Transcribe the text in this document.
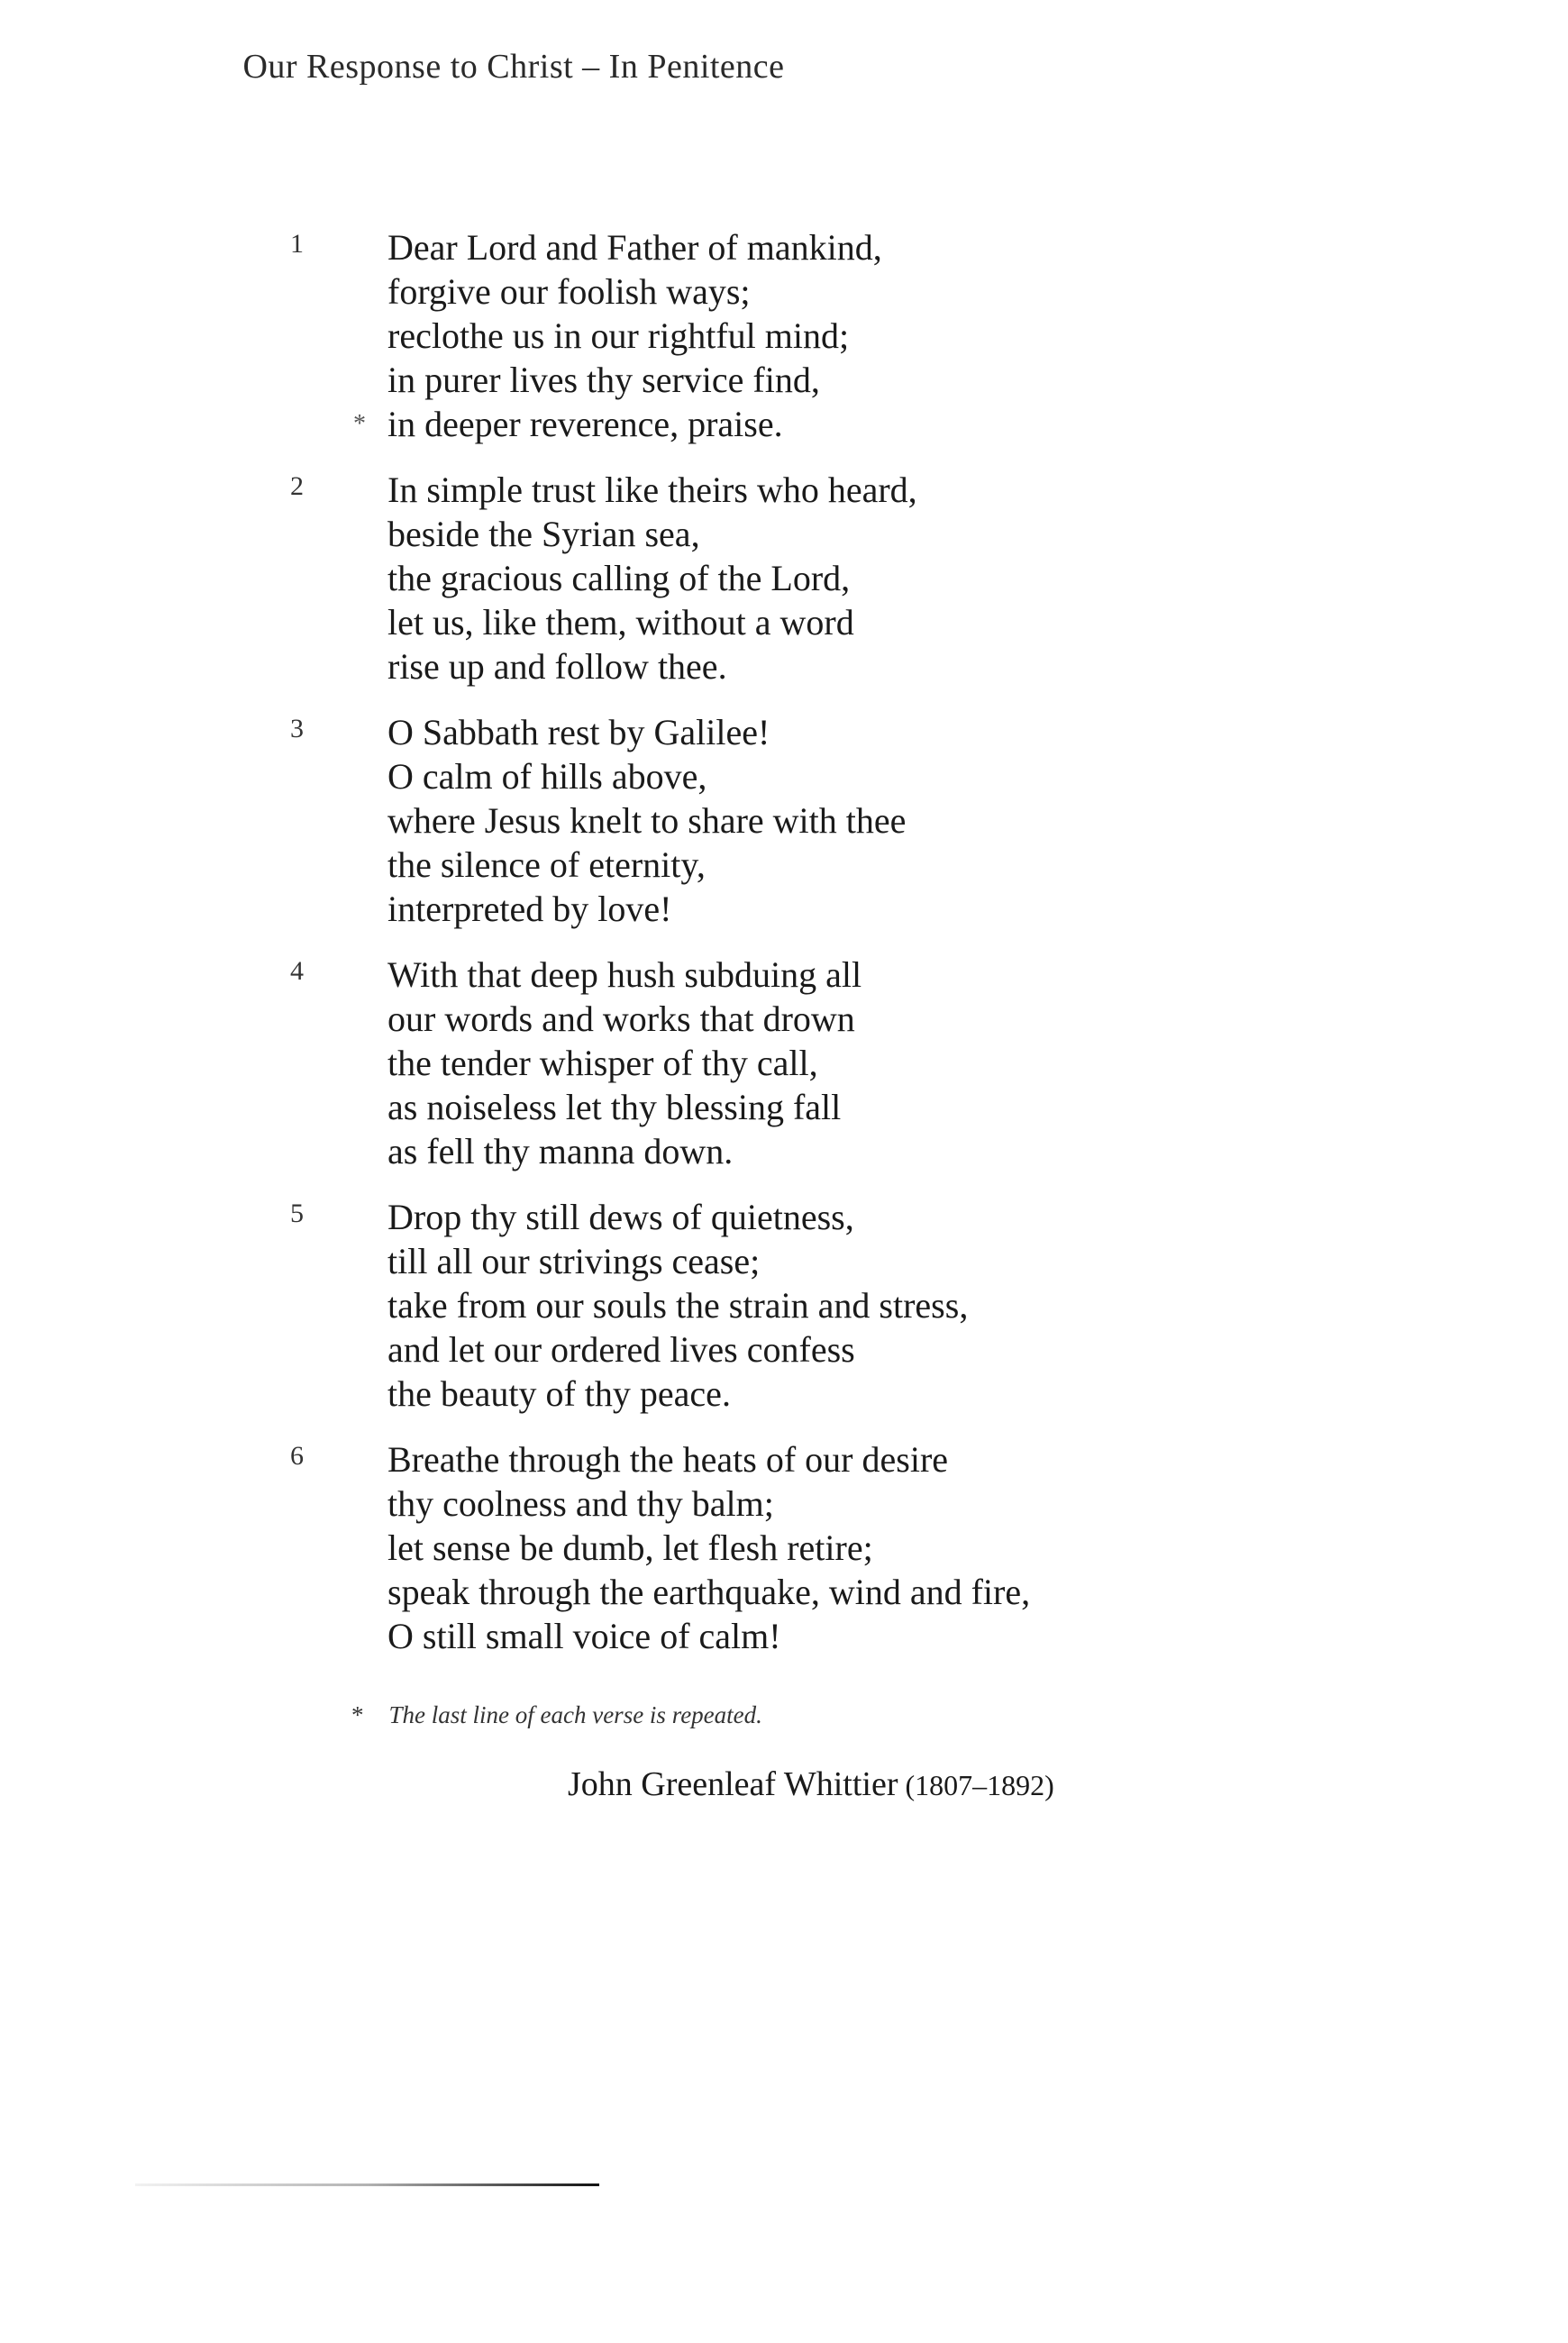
Our Response to Christ – In Penitence
1	Dear Lord and Father of mankind,
forgive our foolish ways;
reclothe us in our rightful mind;
in purer lives thy service find,
* in deeper reverence, praise.
2	In simple trust like theirs who heard,
beside the Syrian sea,
the gracious calling of the Lord,
let us, like them, without a word
rise up and follow thee.
3	O Sabbath rest by Galilee!
O calm of hills above,
where Jesus knelt to share with thee
the silence of eternity,
interpreted by love!
4	With that deep hush subduing all
our words and works that drown
the tender whisper of thy call,
as noiseless let thy blessing fall
as fell thy manna down.
5	Drop thy still dews of quietness,
till all our strivings cease;
take from our souls the strain and stress,
and let our ordered lives confess
the beauty of thy peace.
6	Breathe through the heats of our desire
thy coolness and thy balm;
let sense be dumb, let flesh retire;
speak through the earthquake, wind and fire,
O still small voice of calm!
* The last line of each verse is repeated.
John Greenleaf Whittier (1807–1892)
